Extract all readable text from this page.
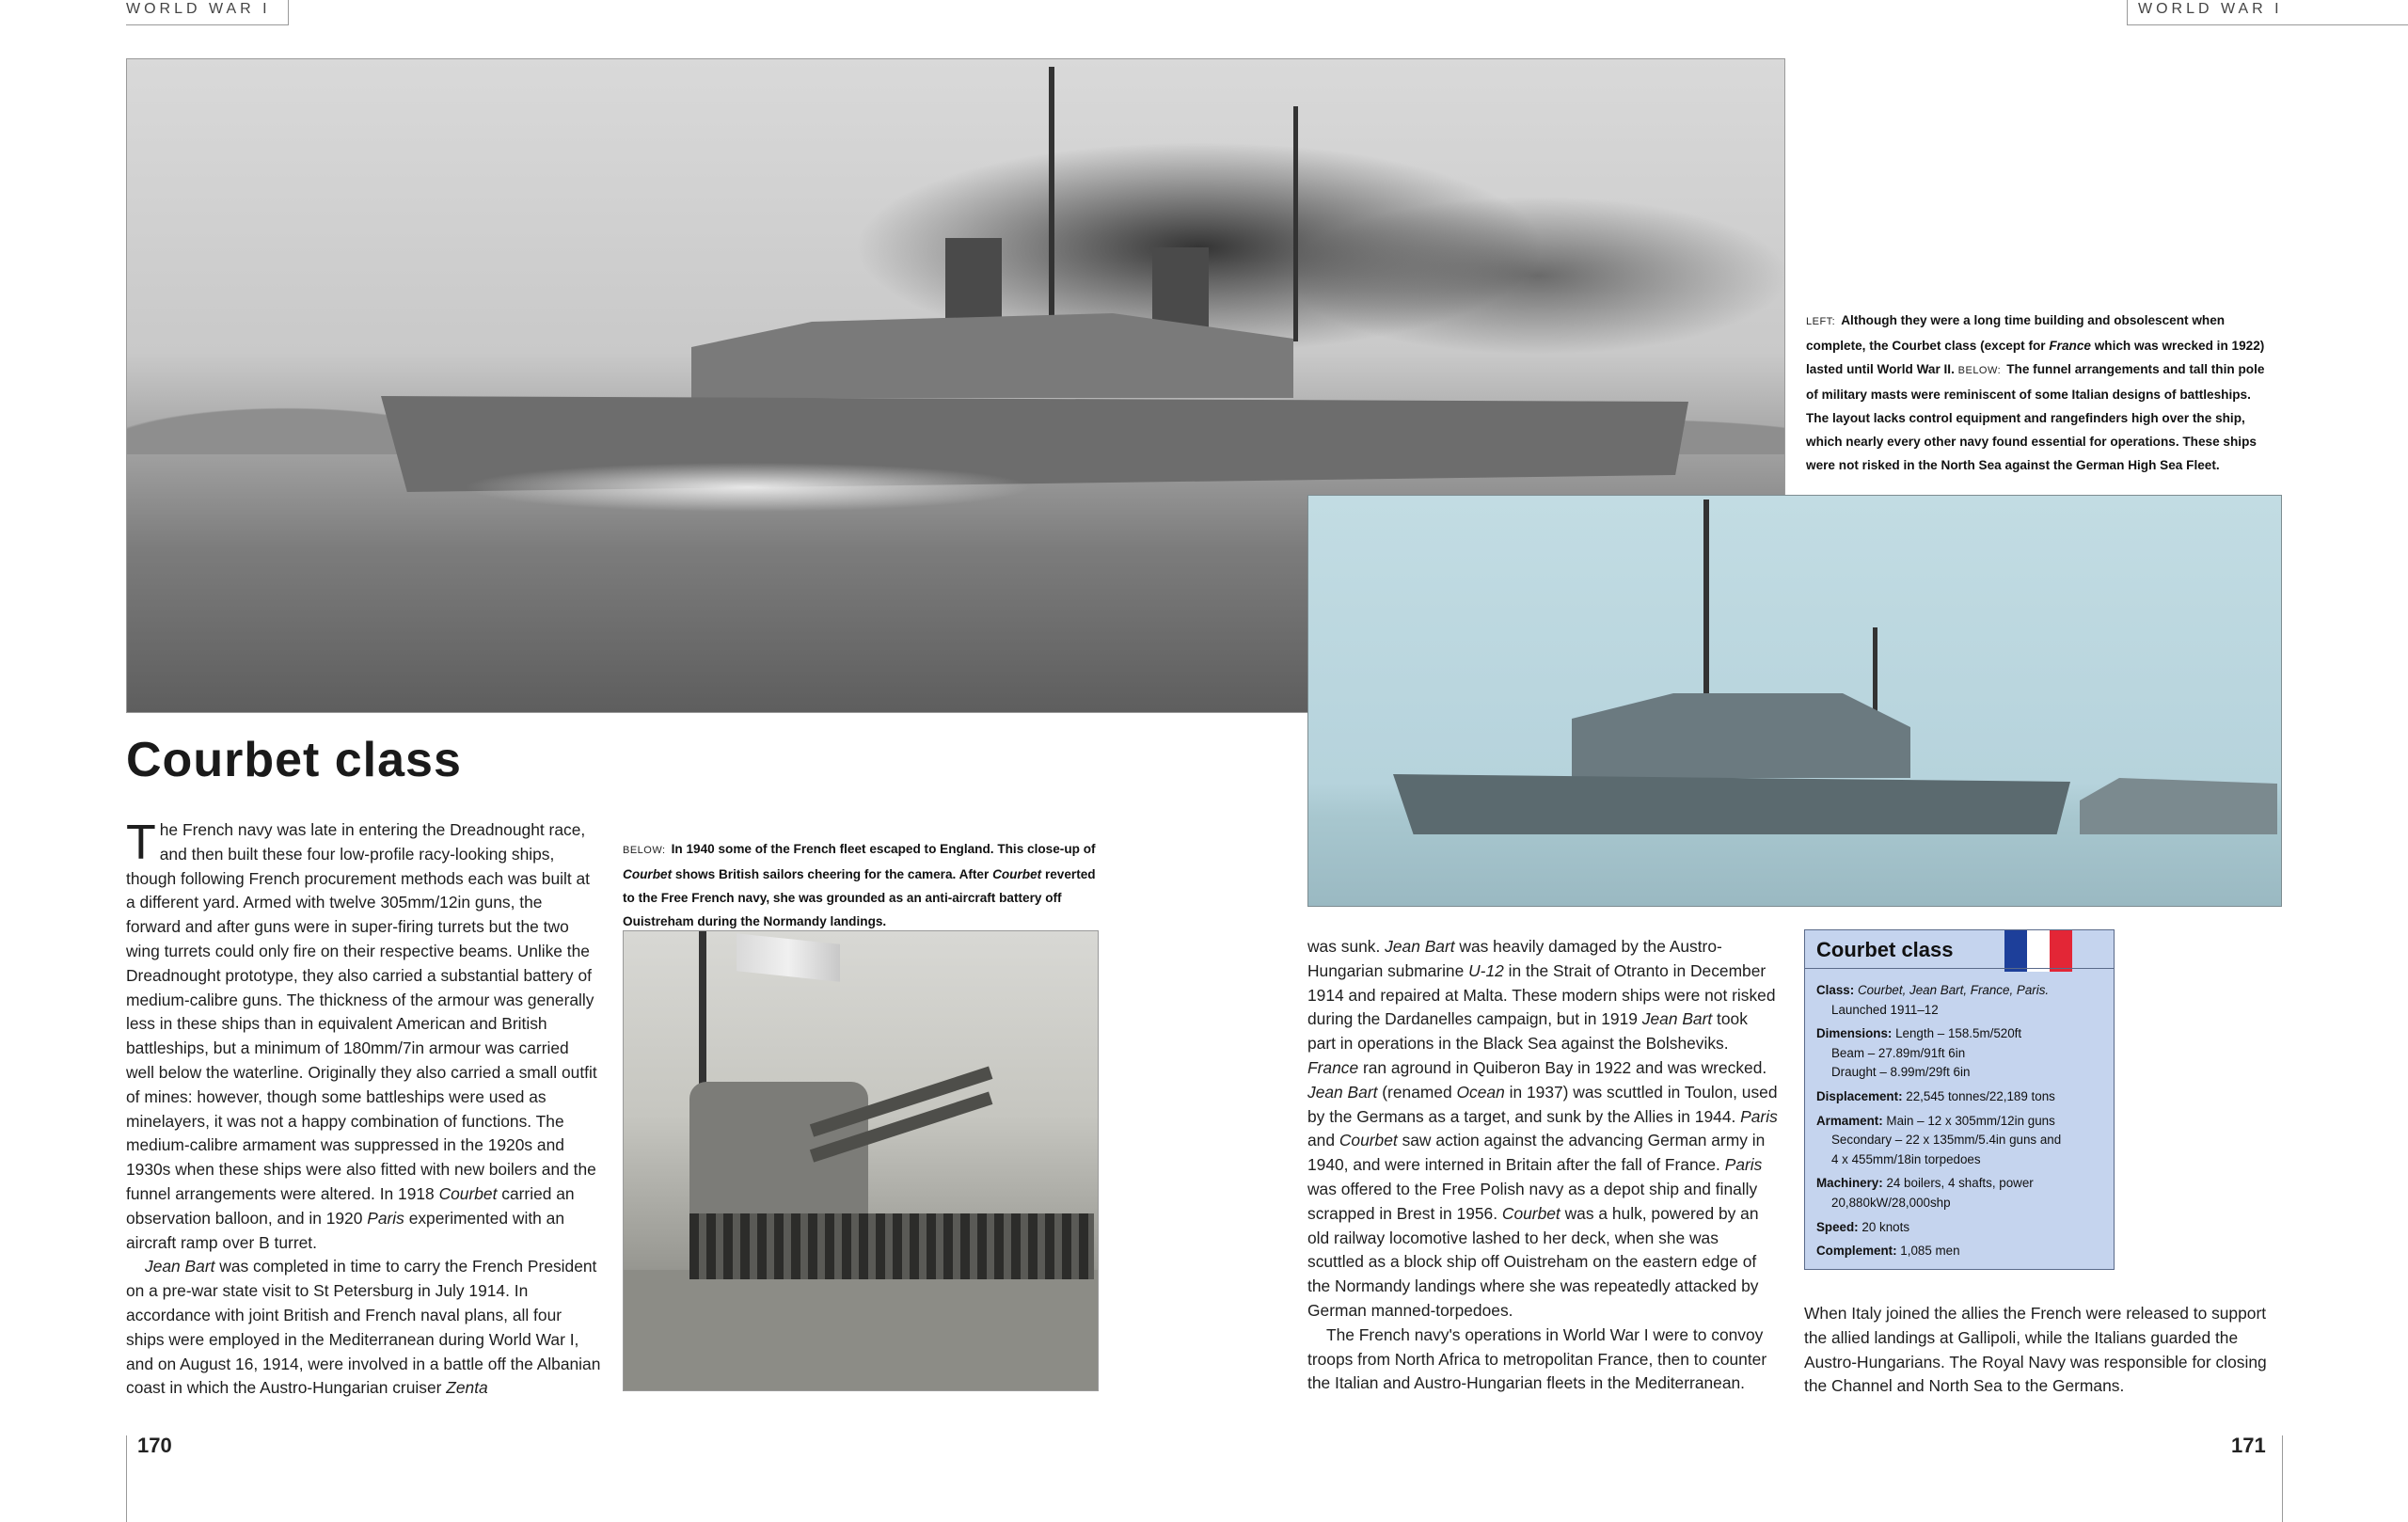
WORLD WAR I	WORLD WAR I
LEFT: Although they were a long time building and obsolescent when complete, the Courbet class (except for France which was wrecked in 1922) lasted until World War II. BELOW: The funnel arrangements and tall thin pole of military masts were reminiscent of some Italian designs of battleships. The layout lacks control equipment and rangefinders high over the ship, which nearly every other navy found essential for operations. These ships were not risked in the North Sea against the German High Sea Fleet.
Courbet class

The French navy was late in entering the Dreadnought race, and then built these four low-profile racy-looking ships, though following French procurement methods each was built at a different yard. Armed with twelve 305mm/12in guns, the forward and after guns were in super-firing turrets but the two wing turrets could only fire on their respective beams. Unlike the Dreadnought prototype, they also carried a substantial battery of medium-calibre guns. The thickness of the armour was generally less in these ships than in equivalent American and British battleships, but a minimum of 180mm/7in armour was carried well below the waterline. Originally they also carried a small outfit of mines: however, though some battleships were used as minelayers, it was not a happy combination of functions. The medium-calibre armament was suppressed in the 1920s and 1930s when these ships were also fitted with new boilers and the funnel arrangements were altered. In 1918 Courbet carried an observation balloon, and in 1920 Paris experimented with an aircraft ramp over B turret.

Jean Bart was completed in time to carry the French President on a pre-war state visit to St Petersburg in July 1914. In accordance with joint British and French naval plans, all four ships were employed in the Mediterranean during World War I, and on August 16, 1914, were involved in a battle off the Albanian coast in which the Austro-Hungarian cruiser Zenta

BELOW: In 1940 some of the French fleet escaped to England. This close-up of Courbet shows British sailors cheering for the camera. After Courbet reverted to the Free French navy, she was grounded as an anti-aircraft battery off Ouistreham during the Normandy landings.

was sunk. Jean Bart was heavily damaged by the Austro-Hungarian submarine U-12 in the Strait of Otranto in December 1914 and repaired at Malta. These modern ships were not risked during the Dardanelles campaign, but in 1919 Jean Bart took part in operations in the Black Sea against the Bolsheviks. France ran aground in Quiberon Bay in 1922 and was wrecked. Jean Bart (renamed Ocean in 1937) was scuttled in Toulon, used by the Germans as a target, and sunk by the Allies in 1944. Paris and Courbet saw action against the advancing German army in 1940, and were interned in Britain after the fall of France. Paris was offered to the Free Polish navy as a depot ship and finally scrapped in Brest in 1956. Courbet was a hulk, powered by an old railway locomotive lashed to her deck, when she was scuttled as a block ship off Ouistreham on the eastern edge of the Normandy landings where she was repeatedly attacked by German manned-torpedoes.

The French navy's operations in World War I were to convoy troops from North Africa to metropolitan France, then to counter the Italian and Austro-Hungarian fleets in the Mediterranean.

Courbet class
Class: Courbet, Jean Bart, France, Paris.
Launched 1911–12
Dimensions: Length – 158.5m/520ft
Beam – 27.89m/91ft 6in
Draught – 8.99m/29ft 6in
Displacement: 22,545 tonnes/22,189 tons
Armament: Main – 12 x 305mm/12in guns
Secondary – 22 x 135mm/5.4in guns and
4 x 455mm/18in torpedoes
Machinery: 24 boilers, 4 shafts, power
20,880kW/28,000shp
Speed: 20 knots
Complement: 1,085 men
When Italy joined the allies the French were released to support the allied landings at Gallipoli, while the Italians guarded the Austro-Hungarians. The Royal Navy was responsible for closing the Channel and North Sea to the Germans.
170	171
